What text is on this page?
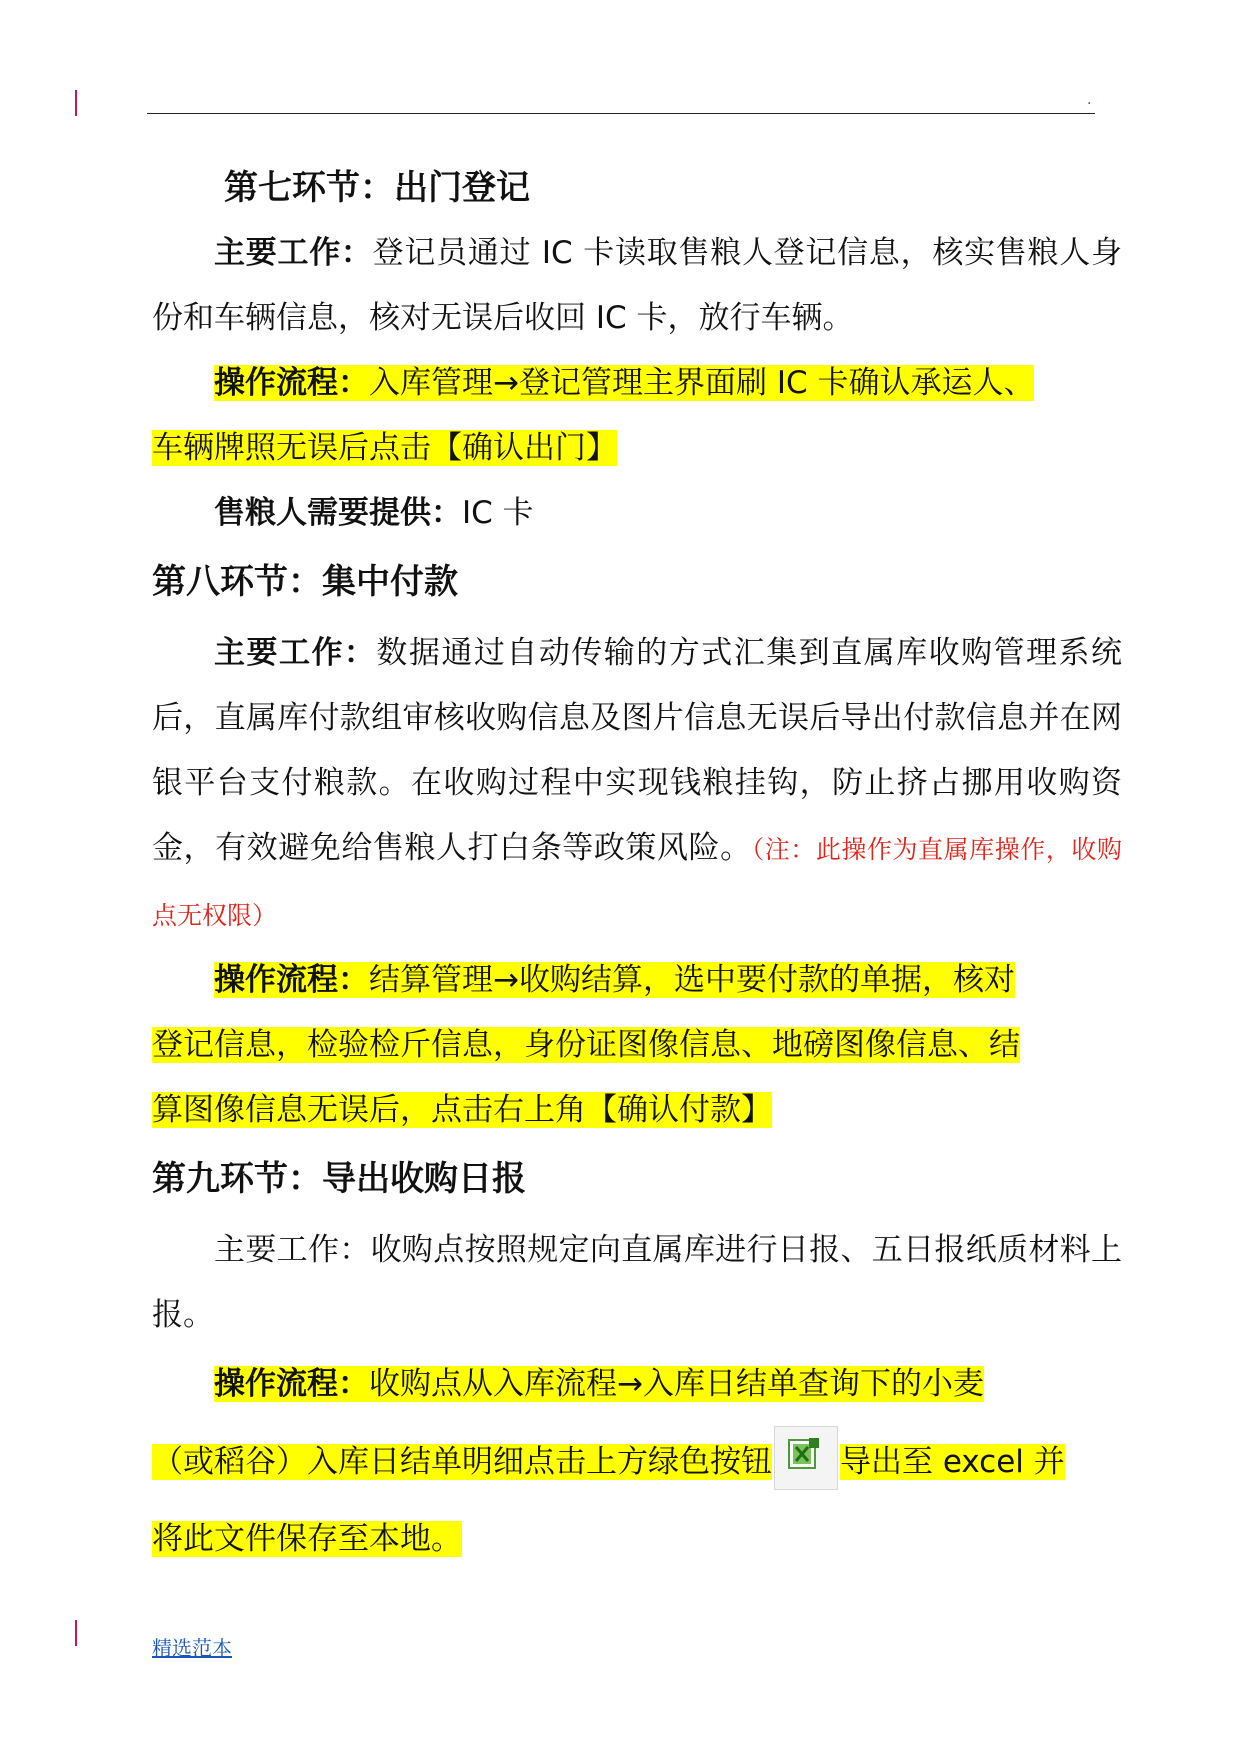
.
第七环节：出门登记

主要工作：登记员通过 IC 卡读取售粮人登记信息，核实售粮人身份和车辆信息，核对无误后收回 IC 卡，放行车辆。

操作流程：入库管理→登记管理主界面刷 IC 卡确认承运人、

车辆牌照无误后点击【确认出门】

售粮人需要提供：IC 卡

第八环节：集中付款

主要工作：数据通过自动传输的方式汇集到直属库收购管理系统后，直属库付款组审核收购信息及图片信息无误后导出付款信息并在网银平台支付粮款。在收购过程中实现钱粮挂钩，防止挤占挪用收购资金，有效避免给售粮人打白条等政策风险。（注：此操作为直属库操作，收购点无权限）

操作流程：结算管理→收购结算，选中要付款的单据，核对

登记信息，检验检斤信息，身份证图像信息、地磅图像信息、结

算图像信息无误后，点击右上角【确认付款】

第九环节：导出收购日报

主要工作：收购点按照规定向直属库进行日报、五日报纸质材料上报。

操作流程：收购点从入库流程→入库日结单查询下的小麦

（或稻谷）入库日结单明细点击上方绿色按钮 导出至 excel 并

将此文件保存至本地。

精选范本
